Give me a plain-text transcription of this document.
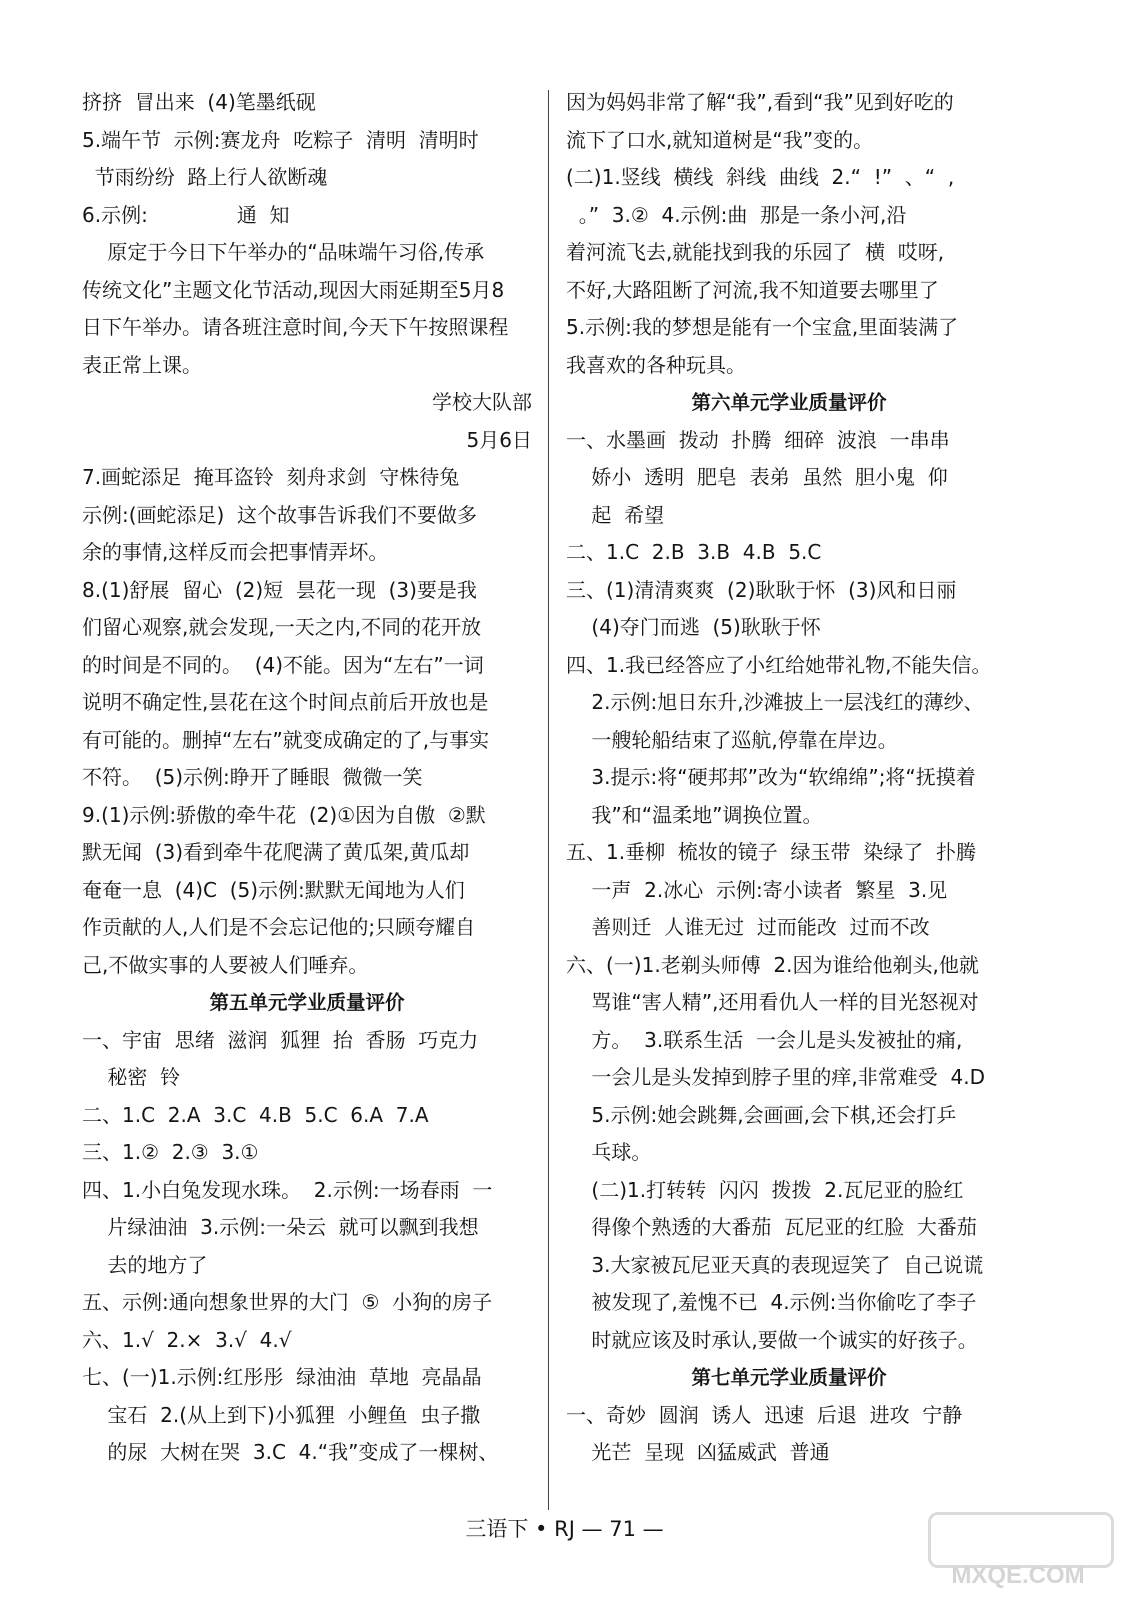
挤挤  冒出来  (4)笔墨纸砚
5.端午节  示例:赛龙舟  吃粽子  清明  清明时
节雨纷纷  路上行人欲断魂
6.示例:              通  知
原定于今日下午举办的“品味端午习俗,传承
传统文化”主题文化节活动,现因大雨延期至5月8
日下午举办。请各班注意时间,今天下午按照课程
表正常上课。
学校大队部
5月6日
7.画蛇添足  掩耳盗铃  刻舟求剑  守株待兔
示例:(画蛇添足)  这个故事告诉我们不要做多
余的事情,这样反而会把事情弄坏。
8.(1)舒展  留心  (2)短  昙花一现  (3)要是我
们留心观察,就会发现,一天之内,不同的花开放
的时间是不同的。  (4)不能。因为“左右”一词
说明不确定性,昙花在这个时间点前后开放也是
有可能的。删掉“左右”就变成确定的了,与事实
不符。  (5)示例:睁开了睡眼  微微一笑
9.(1)示例:骄傲的牵牛花  (2)①因为自傲  ②默
默无闻  (3)看到牵牛花爬满了黄瓜架,黄瓜却
奄奄一息  (4)C  (5)示例:默默无闻地为人们
作贡献的人,人们是不会忘记他的;只顾夸耀自
己,不做实事的人要被人们唾弃。
第五单元学业质量评价
一、宇宙  思绪  滋润  狐狸  抬  香肠  巧克力
秘密  铃
二、1.C  2.A  3.C  4.B  5.C  6.A  7.A
三、1.②  2.③  3.①
四、1.小白兔发现水珠。  2.示例:一场春雨  一
片绿油油  3.示例:一朵云  就可以飘到我想
去的地方了
五、示例:通向想象世界的大门  ⑤  小狗的房子
六、1.√  2.×  3.√  4.√
七、(一)1.示例:红彤彤  绿油油  草地  亮晶晶
宝石  2.(从上到下)小狐狸  小鲤鱼  虫子撒
的尿  大树在哭  3.C  4.“我”变成了一棵树、
因为妈妈非常了解“我”,看到“我”见到好吃的
流下了口水,就知道树是“我”变的。
(二)1.竖线  横线  斜线  曲线  2.“  !”  、“  ,
。”  3.②  4.示例:曲  那是一条小河,沿
着河流飞去,就能找到我的乐园了  横  哎呀,
不好,大路阻断了河流,我不知道要去哪里了
5.示例:我的梦想是能有一个宝盒,里面装满了
我喜欢的各种玩具。
第六单元学业质量评价
一、水墨画  拨动  扑腾  细碎  波浪  一串串
娇小  透明  肥皂  表弟  虽然  胆小鬼  仰
起  希望
二、1.C  2.B  3.B  4.B  5.C
三、(1)清清爽爽  (2)耿耿于怀  (3)风和日丽
(4)夺门而逃  (5)耿耿于怀
四、1.我已经答应了小红给她带礼物,不能失信。
2.示例:旭日东升,沙滩披上一层浅红的薄纱、
一艘轮船结束了巡航,停靠在岸边。
3.提示:将“硬邦邦”改为“软绵绵”;将“抚摸着
我”和“温柔地”调换位置。
五、1.垂柳  梳妆的镜子  绿玉带  染绿了  扑腾
一声  2.冰心  示例:寄小读者  繁星  3.见
善则迁  人谁无过  过而能改  过而不改
六、(一)1.老剃头师傅  2.因为谁给他剃头,他就
骂谁“害人精”,还用看仇人一样的目光怒视对
方。  3.联系生活  一会儿是头发被扯的痛,
一会儿是头发掉到脖子里的痒,非常难受  4.D
5.示例:她会跳舞,会画画,会下棋,还会打乒
乓球。
(二)1.打转转  闪闪  拨拨  2.瓦尼亚的脸红
得像个熟透的大番茄  瓦尼亚的红脸  大番茄
3.大家被瓦尼亚天真的表现逗笑了  自己说谎
被发现了,羞愧不已  4.示例:当你偷吃了李子
时就应该及时承认,要做一个诚实的好孩子。
第七单元学业质量评价
一、奇妙  圆润  诱人  迅速  后退  进攻  宁静
光芒  呈现  凶猛威武  普通
三语下 • RJ — 71 —
MXQE.COM
